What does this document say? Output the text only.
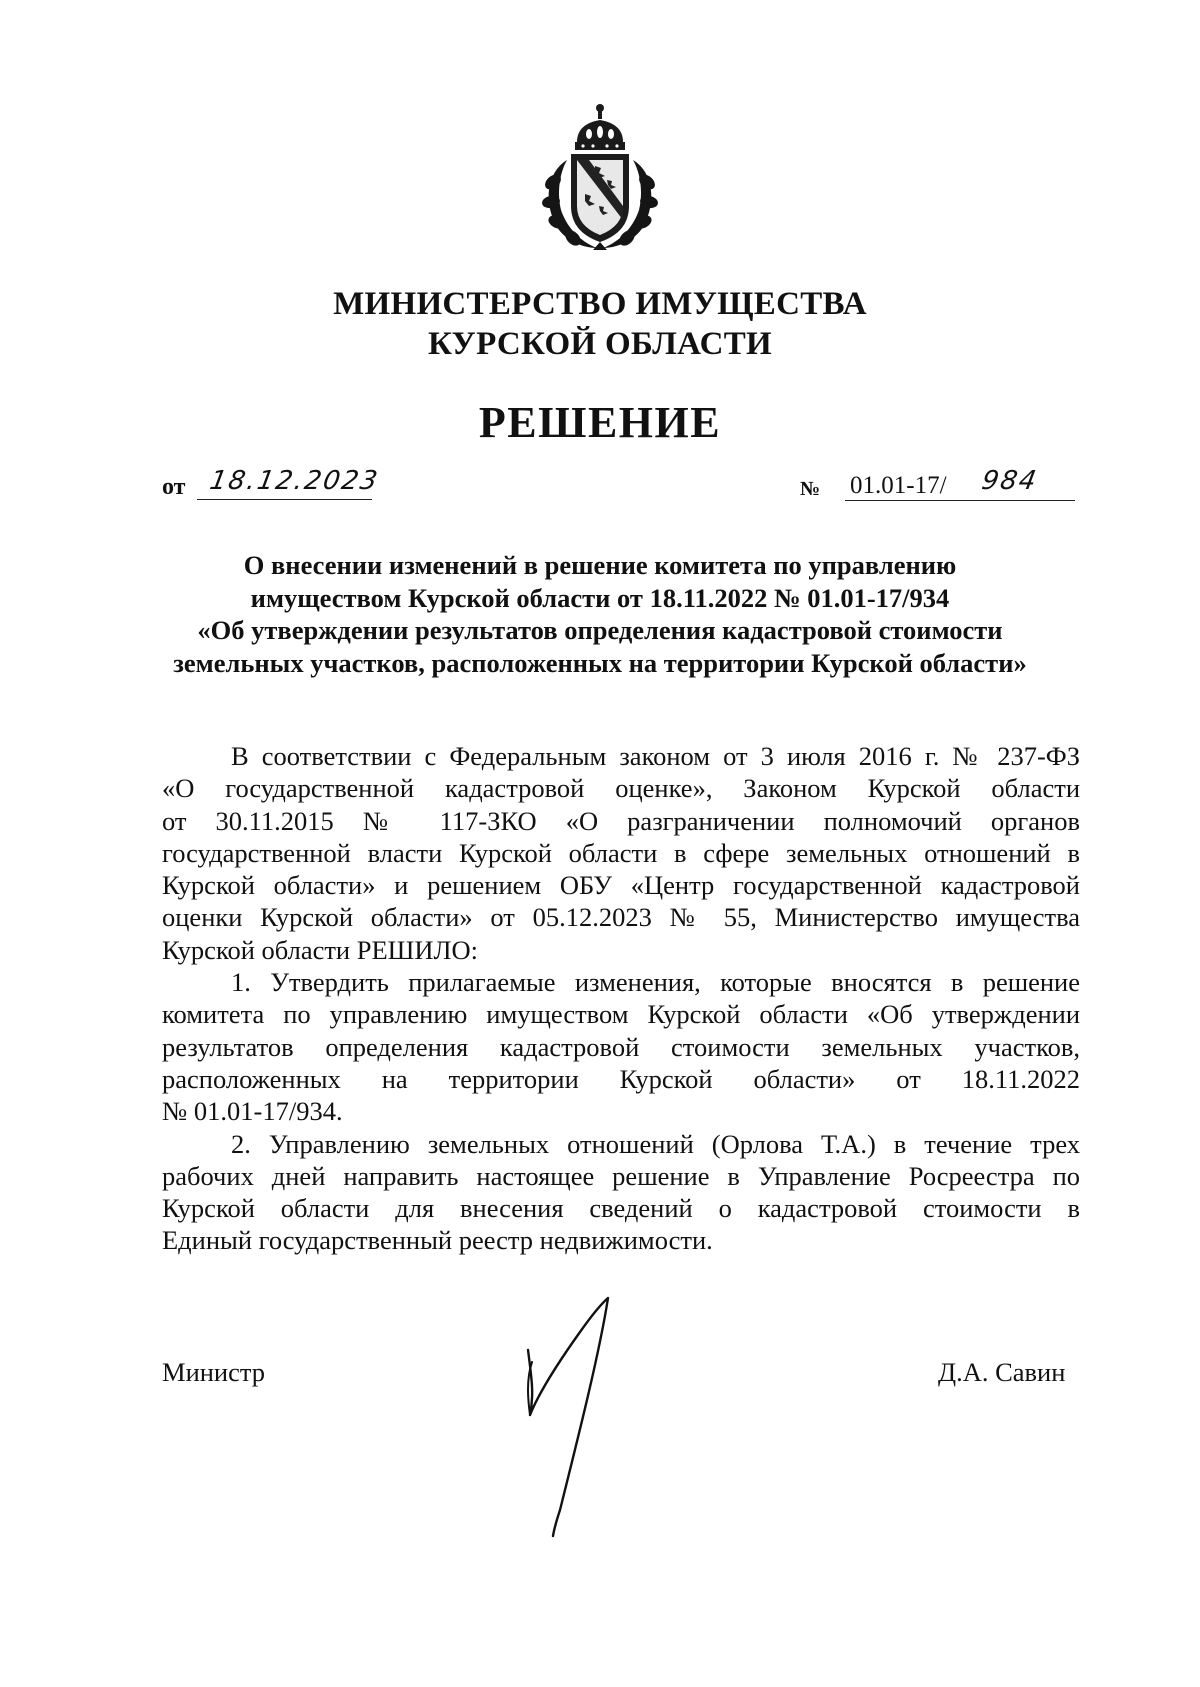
МИНИСТЕРСТВО ИМУЩЕСТВА
КУРСКОЙ ОБЛАСТИ
РЕШЕНИЕ
от 18.12.2023	№ 01.01-17/ 984
О внесении изменений в решение комитета по управлению
имуществом Курской области от 18.11.2022 № 01.01-17/934
«Об утверждении результатов определения кадастровой стоимости
земельных участков, расположенных на территории Курской области»
В соответствии с Федеральным законом от 3 июля 2016 г. № 237-ФЗ
«О государственной кадастровой оценке», Законом Курской области
от 30.11.2015 № 117-ЗКО «О разграничении полномочий органов
государственной власти Курской области в сфере земельных отношений в
Курской области» и решением ОБУ «Центр государственной кадастровой
оценки Курской области» от 05.12.2023 № 55, Министерство имущества
Курской области РЕШИЛО:
1. Утвердить прилагаемые изменения, которые вносятся в решение
комитета по управлению имуществом Курской области «Об утверждении
результатов определения кадастровой стоимости земельных участков,
расположенных на территории Курской области» от 18.11.2022
№ 01.01-17/934.
2. Управлению земельных отношений (Орлова Т.А.) в течение трех
рабочих дней направить настоящее решение в Управление Росреестра по
Курской области для внесения сведений о кадастровой стоимости в
Единый государственный реестр недвижимости.
Министр	Д.А. Савин
